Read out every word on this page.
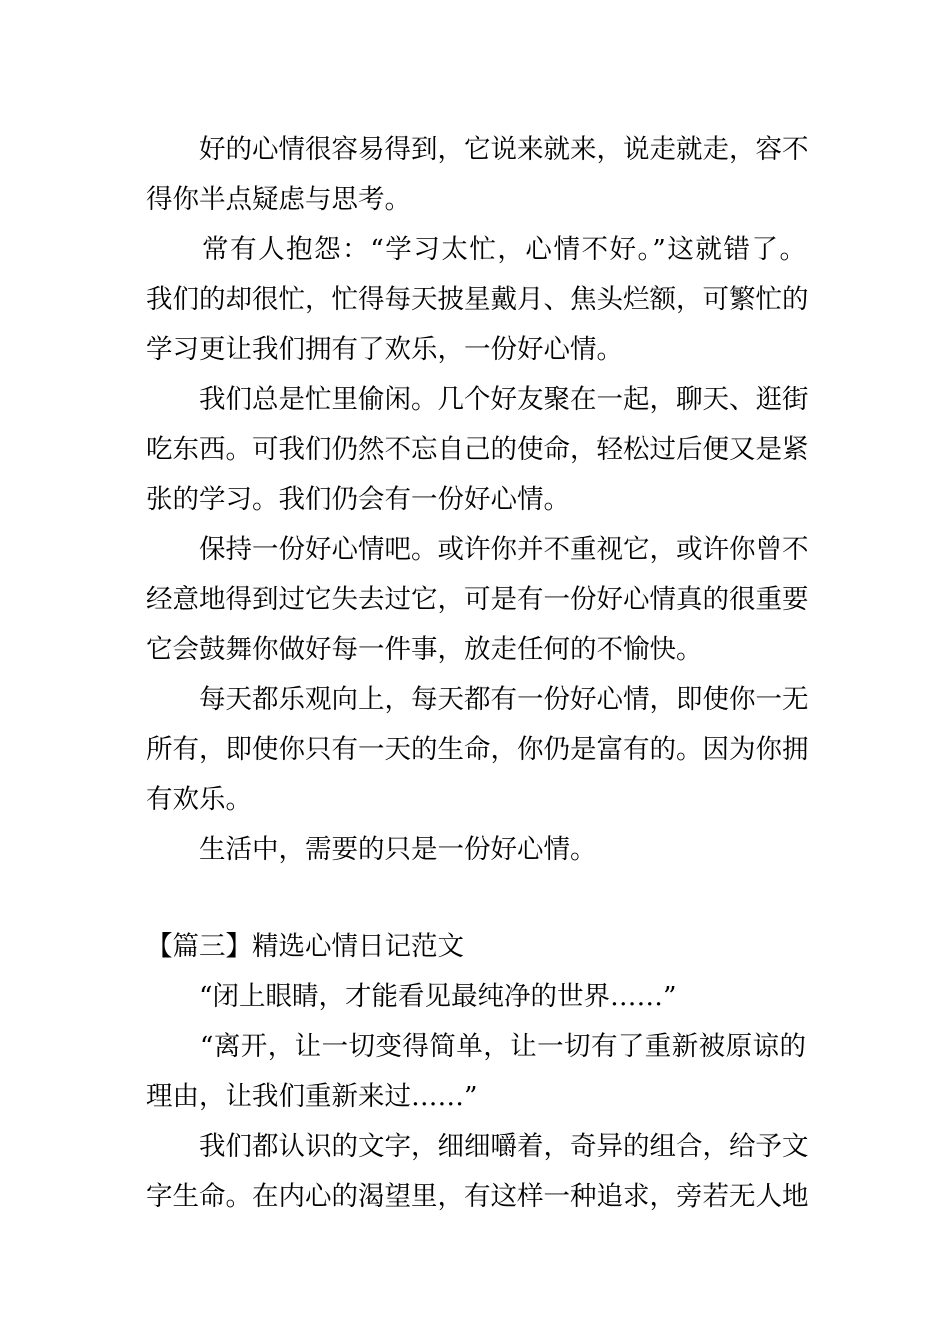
　　好的心情很容易得到，它说来就来，说走就走，容不
得你半点疑虑与思考。
　　常有人抱怨：“学习太忙，心情不好。”这就错了。
我们的却很忙，忙得每天披星戴月、焦头烂额，可繁忙的
学习更让我们拥有了欢乐，一份好心情。
　　我们总是忙里偷闲。几个好友聚在一起，聊天、逛街
吃东西。可我们仍然不忘自己的使命，轻松过后便又是紧
张的学习。我们仍会有一份好心情。
　　保持一份好心情吧。或许你并不重视它，或许你曾不
经意地得到过它失去过它，可是有一份好心情真的很重要
它会鼓舞你做好每一件事，放走任何的不愉快。
　　每天都乐观向上，每天都有一份好心情，即使你一无
所有，即使你只有一天的生命，你仍是富有的。因为你拥
有欢乐。
　　生活中，需要的只是一份好心情。
【篇三】精选心情日记范文
　　“闭上眼睛，才能看见最纯净的世界……”
　　“离开，让一切变得简单，让一切有了重新被原谅的
理由，让我们重新来过……”
　　我们都认识的文字，细细嚼着，奇异的组合，给予文
字生命。在内心的渴望里，有这样一种追求，旁若无人地
